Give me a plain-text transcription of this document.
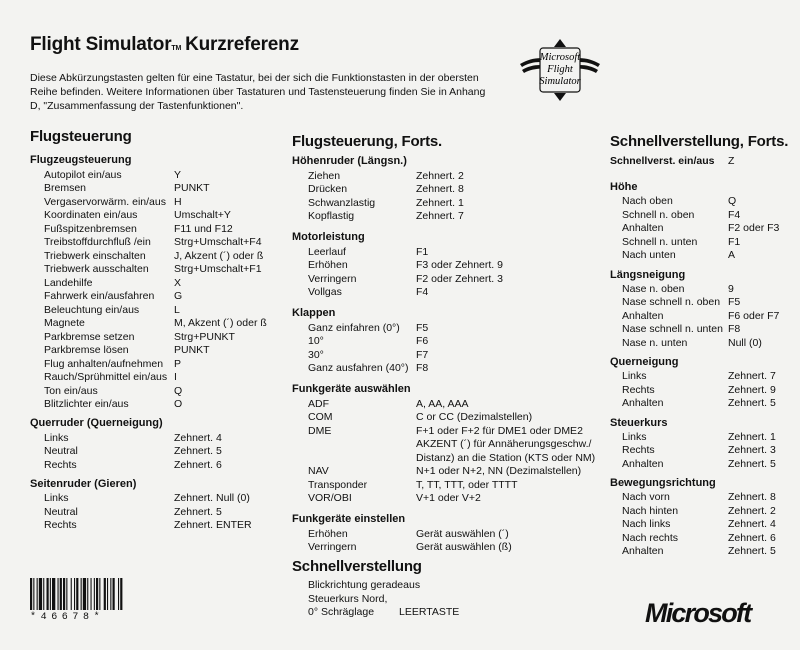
Flight SimulatorTM Kurzreferenz
Diese Abkürzungstasten gelten für eine Tastatur, bei der sich die Funktionstasten in der obersten
Reihe befinden. Weitere Informationen über Tastaturen und Tastensteuerung finden Sie in Anhang
D, "Zusammenfassung der Tastenfunktionen".
Microsoft
Flight
Simulator
Flugsteuerung
Flugzeugsteuerung
Autopilot ein/aus	Y
Bremsen	PUNKT
Vergaservorwärm. ein/aus H
Koordinaten ein/aus	Umschalt+Y
Fußspitzenbremsen	F11 und F12
Treibstoffdurchfluß /ein Strg+Umschalt+F4
Triebwerk einschalten	J, Akzent (´) oder ß
Triebwerk ausschalten Strg+Umschalt+F1
Landehilfe	X
Fahrwerk ein/ausfahren G
Beleuchtung ein/aus	L
Magnete	M, Akzent (´) oder ß
Parkbremse setzen	Strg+PUNKT
Parkbremse lösen	PUNKT
Flug anhalten/aufnehmen P
Rauch/Sprühmittel ein/aus I
Ton ein/aus	Q
Blitzlichter ein/aus	O
Querruder (Querneigung)
Links	Zehnert. 4
Neutral	Zehnert. 5
Rechts	Zehnert. 6
Seitenruder (Gieren)
Links	Zehnert. Null (0)
Neutral	Zehnert. 5
Rechts	Zehnert. ENTER
Flugsteuerung, Forts.
Höhenruder (Längsn.)
Ziehen	Zehnert. 2
Drücken	Zehnert. 8
Schwanzlastig	Zehnert. 1
Kopflastig	Zehnert. 7
Motorleistung
Leerlauf	F1
Erhöhen	F3 oder Zehnert. 9
Verringern	F2 oder Zehnert. 3
Vollgas	F4
Klappen
Ganz einfahren (0°) F5
10°	F6
30°	F7
Ganz ausfahren (40°) F8
Funkgeräte auswählen
ADF	A, AA, AAA
COM	C or CC (Dezimalstellen)
DME	F+1 oder F+2 für DME1 oder DME2
AKZENT (´) für Annäherungsgeschw./
Distanz) an die Station (KTS oder NM)
NAV	N+1 oder N+2, NN (Dezimalstellen)
Transponder	T, TT, TTT, oder TTTT
VOR/OBI	V+1 oder V+2
Funkgeräte einstellen
Erhöhen	Gerät auswählen (´)
Verringern	Gerät auswählen (ß)
Schnellverstellung
Blickrichtung geradeaus
Steuerkurs Nord,
0° Schräglage LEERTASTE
Schnellverstellung, Forts.
Schnellverst. ein/aus Z
Höhe
Nach oben	Q
Schnell n. oben	F4
Anhalten	F2 oder F3
Schnell n. unten	F1
Nach unten	A
Längsneigung
Nase n. oben	9
Nase schnell n. oben F5
Anhalten	F6 oder F7
Nase schnell n. unten F8
Nase n. unten	Null (0)
Querneigung
Links	Zehnert. 7
Rechts	Zehnert. 9
Anhalten	Zehnert. 5
Steuerkurs
Links	Zehnert. 1
Rechts	Zehnert. 3
Anhalten	Zehnert. 5
Bewegungsrichtung
Nach vorn	Zehnert. 8
Nach hinten	Zehnert. 2
Nach links	Zehnert. 4
Nach rechts	Zehnert. 6
Anhalten	Zehnert. 5
*46678*	Microsoft
